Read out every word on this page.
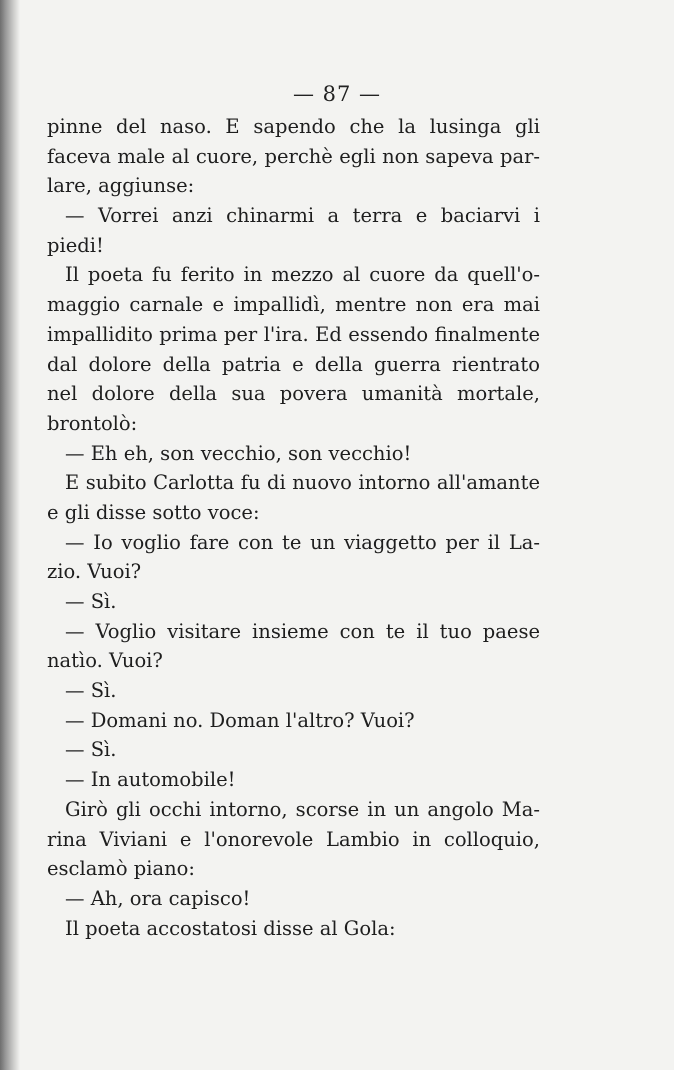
— 87 —
pinne del naso. E sapendo che la lusinga gli
faceva male al cuore, perchè egli non sapeva par-
lare, aggiunse:
— Vorrei anzi chinarmi a terra e baciarvi i
piedi!
Il poeta fu ferito in mezzo al cuore da quell'o-
maggio carnale e impallidì, mentre non era mai
impallidito prima per l'ira. Ed essendo finalmente
dal dolore della patria e della guerra rientrato
nel dolore della sua povera umanità mortale,
brontolò:
— Eh eh, son vecchio, son vecchio!
E subito Carlotta fu di nuovo intorno all'amante
e gli disse sotto voce:
— Io voglio fare con te un viaggetto per il La-
zio. Vuoi?
— Sì.
— Voglio visitare insieme con te il tuo paese
natìo. Vuoi?
— Sì.
— Domani no. Doman l'altro? Vuoi?
— Sì.
— In automobile!
Girò gli occhi intorno, scorse in un angolo Ma-
rina Viviani e l'onorevole Lambio in colloquio,
esclamò piano:
— Ah, ora capisco!
Il poeta accostatosi disse al Gola:
